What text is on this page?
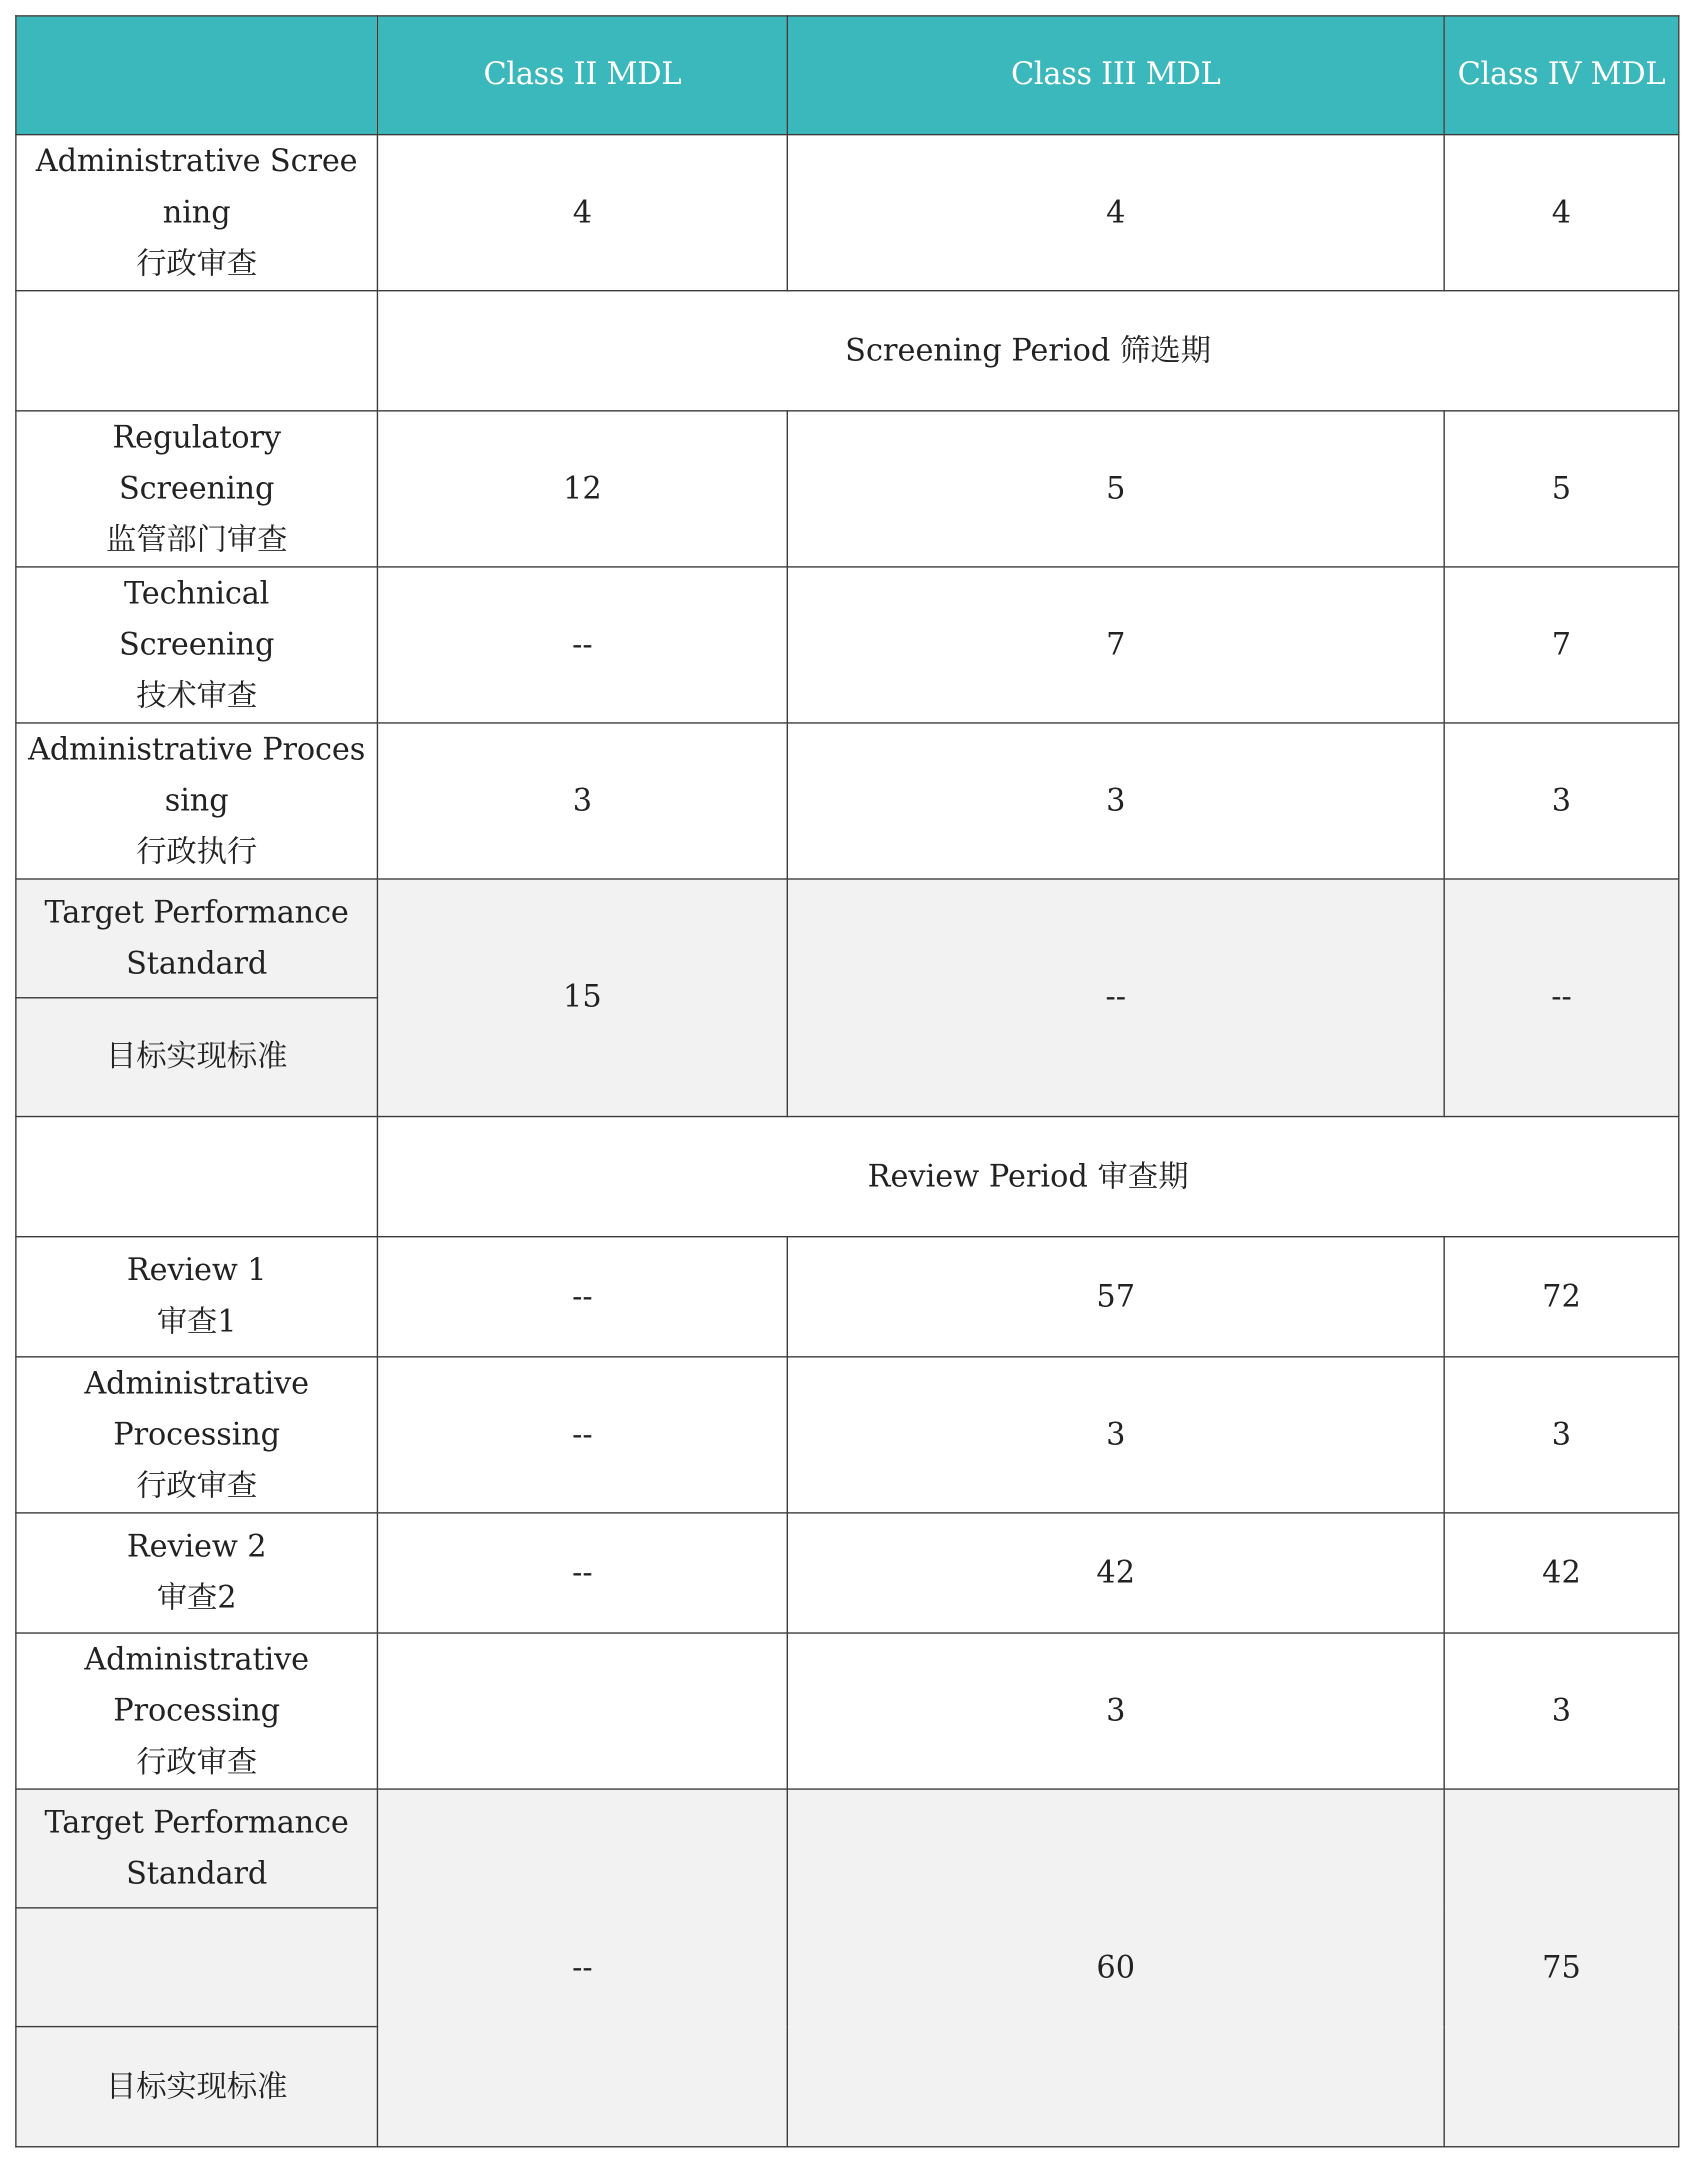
	Class II MDL	Class III MDL	Class IV MDL

Administrative Scree ning
行政审查	4	4	4
	Screening Period 筛选期		

Regulatory Screening
监管部门审查	12	5	5

Technical Screening
技术审查	--	7	7

Administrative Proces sing
行政执行	3	3	3
Target Performance Standard	15	--	--
目标实现标准			
	Review Period 审查期		

Review 1
审查1	--	57	72

Administrative Processing
行政审查	--	3	3

Review 2
审查2	--	42	42

Administrative Processing
行政审查		3	3
Target Performance Standard	--	60	75

目标实现标准			
